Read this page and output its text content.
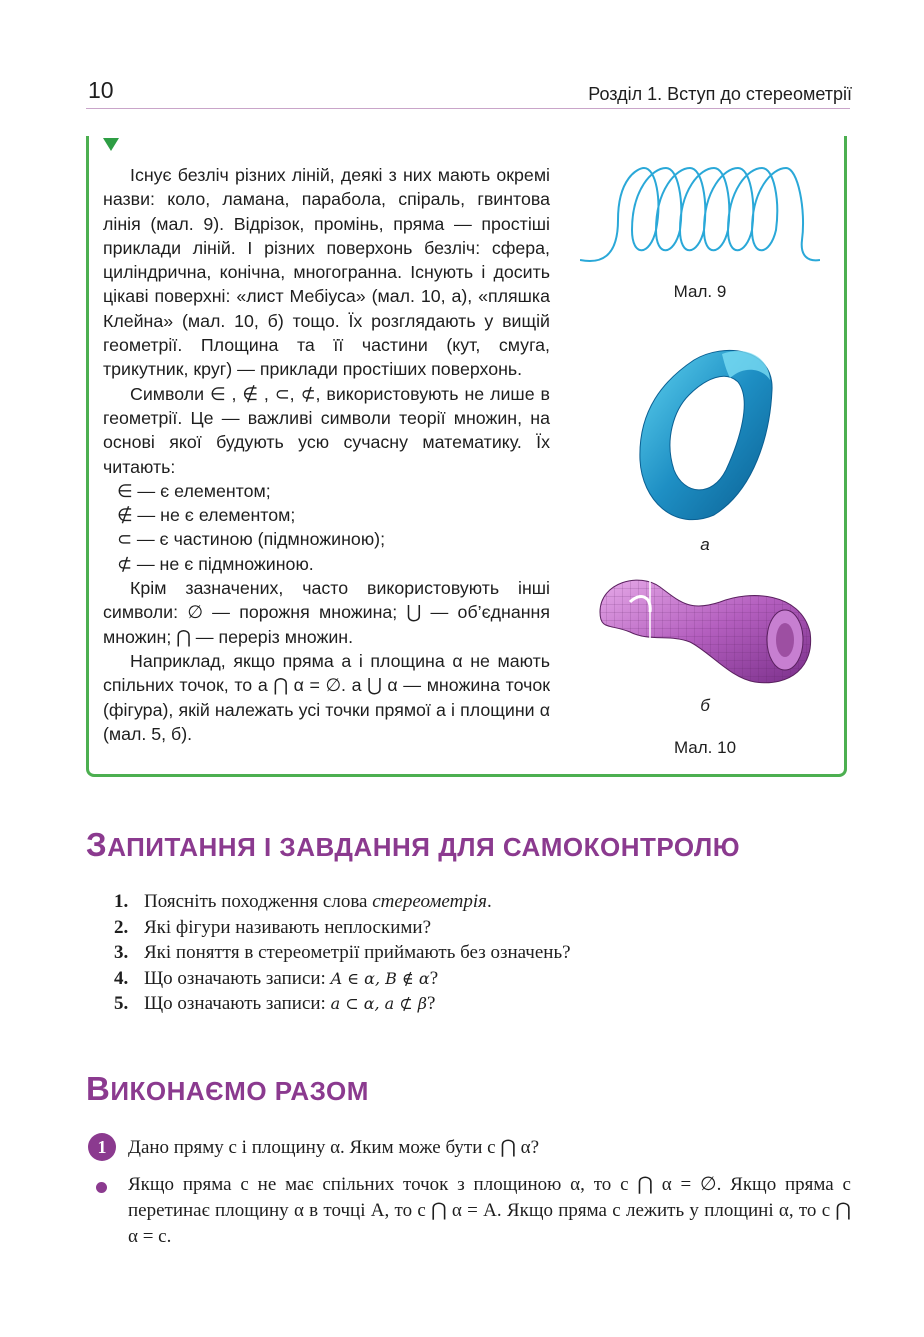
10	Розділ 1. Вступ до стереометрії

Існує безліч різних ліній, деякі з них мають окремі назви: коло, ламана, парабола, спіраль, гвинтова лінія (мал. 9). Відрізок, промінь, пряма — простіші приклади ліній. І різних поверхонь безліч: сфера, циліндрична, конічна, многогранна. Існують і досить цікаві поверхні: «лист Мебіуса» (мал. 10, а), «пляшка Клейна» (мал. 10, б) тощо. Їх розглядають у вищій геометрії. Площина та її частини (кут, смуга, трикутник, круг) — приклади простіших поверхонь.

Символи ∈ , ∉ , ⊂, ⊄, використовують не лише в геометрії. Це — важливі символи теорії множин, на основі якої будують усю сучасну математику. Їх читають:

∈ — є елементом;

∉ — не є елементом;

⊂ — є частиною (підмножиною);

⊄ — не є підмножиною.

Крім зазначених, часто використовують інші символи: ∅ — порожня множина; ⋃ — об’єднання множин; ⋂ — переріз множин.

Наприклад, якщо пряма a і площина α не мають спільних точок, то a ⋂ α = ∅. a ⋃ α — множина точок (фігура), якій належать усі точки прямої a і площини α (мал. 5, б).

Мал. 9
а
б
Мал. 10
ЗАПИТАННЯ І ЗАВДАННЯ ДЛЯ САМОКОНТРОЛЮ
1. Поясніть походження слова стереометрія.
2. Які фігури називають неплоскими?
3. Які поняття в стереометрії приймають без означень?
4. Що означають записи: A ∈ α, B ∉ α?
5. Що означають записи: a ⊂ α, a ⊄ β?
ВИКОНАЄМО РАЗОМ
1	Дано пряму c і площину α. Яким може бути c ⋂ α?
Якщо пряма c не має спільних точок з площиною α, то c ⋂ α = ∅. Якщо пряма c перетинає площину α в точці A, то c ⋂ α = A. Якщо пряма c лежить у площині α, то c ⋂ α = c.
